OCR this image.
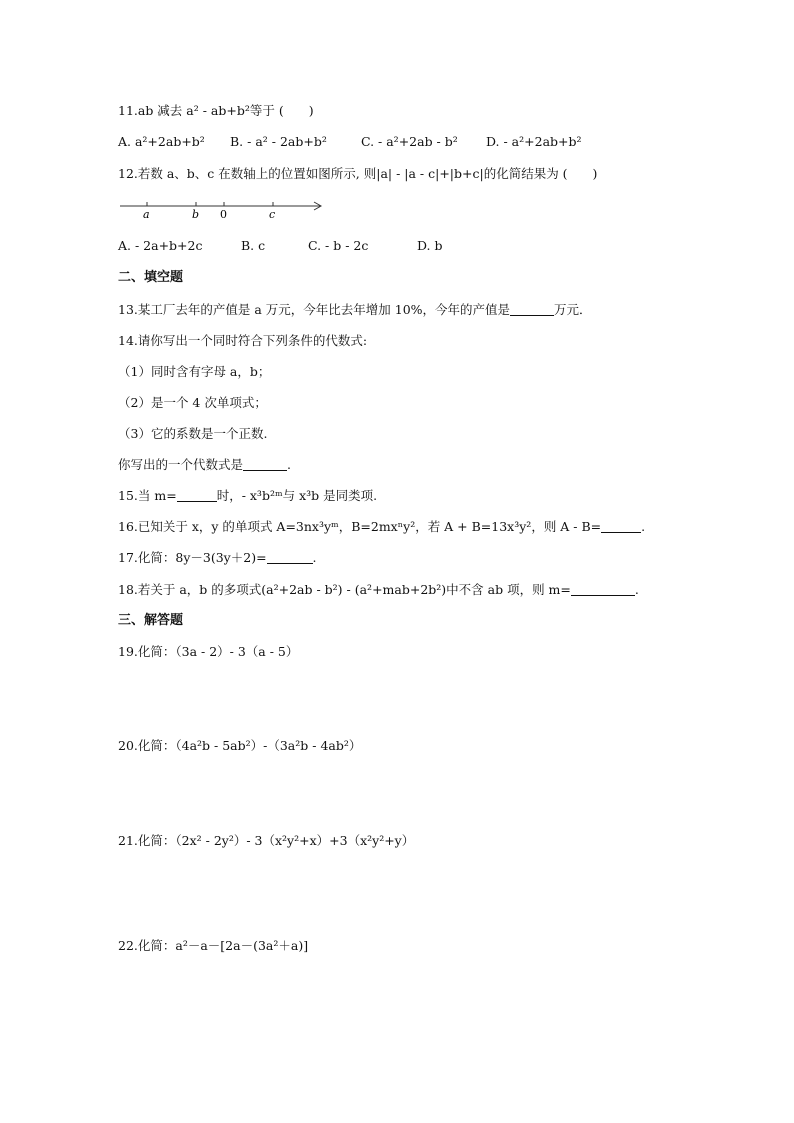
11.ab 减去 a² - ab+b²等于 (　　)
A. a²+2ab+b² B. - a² - 2ab+b²	C. - a²+2ab - b² D. - a²+2ab+b²
12.若数 a、b、c 在数轴上的位置如图所示, 则|a| - |a - c|+|b+c|的化简结果为 (　　)
a	b 0	c
A. - 2a+b+2c	B. c	C. - b - 2c	D. b
二、填空题
13.某工厂去年的产值是 a 万元，今年比去年增加 10%，今年的产值是	万元．
14.请你写出一个同时符合下列条件的代数式:
（1）同时含有字母 a，b；
（2）是一个 4 次单项式；
（3）它的系数是一个正数.
你写出的一个代数式是	.
15.当 m=	时，- x³b²ᵐ与 x³b 是同类项.
16.已知关于 x，y 的单项式 A=3nx³yᵐ，B=2mxⁿy²，若 A + B=13x³y²，则 A - B=	.
17.化简：8y－3(3y＋2)=	.
18.若关于 a，b 的多项式(a²+2ab - b²) - (a²+mab+2b²)中不含 ab 项，则 m=	.
三、解答题
19.化简：（3a - 2）- 3（a - 5）
20.化简：（4a²b - 5ab²）-（3a²b - 4ab²）
21.化简：（2x² - 2y²）- 3（x²y²+x）+3（x²y²+y）
22.化简：a²－a－[2a－(3a²＋a)]
